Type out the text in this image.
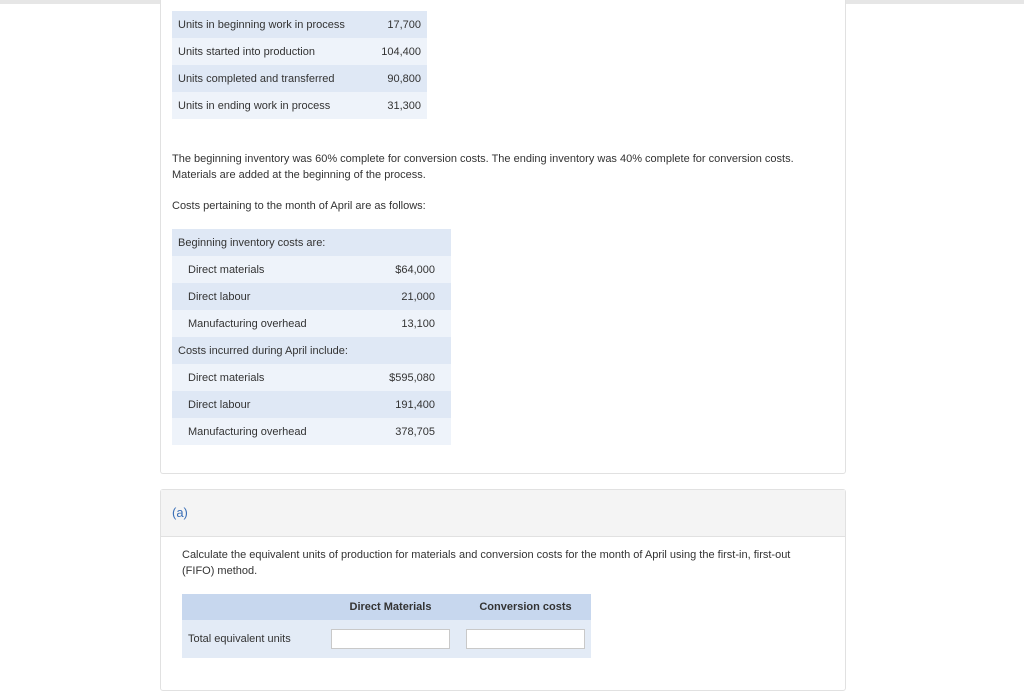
Units in beginning work in process	17,700
Units started into production	104,400
Units completed and transferred	90,800
Units in ending work in process	31,300
The beginning inventory was 60% complete for conversion costs. The ending inventory was 40% complete for conversion costs. Materials are added at the beginning of the process.
Costs pertaining to the month of April are as follows:
Beginning inventory costs are:	
Direct materials	$64,000
Direct labour	21,000
Manufacturing overhead	13,100
Costs incurred during April include:	
Direct materials	$595,080
Direct labour	191,400
Manufacturing overhead	378,705
(a)
Calculate the equivalent units of production for materials and conversion costs for the month of April using the first-in, first-out (FIFO) method.
	Direct Materials	Conversion costs
Total equivalent units	
